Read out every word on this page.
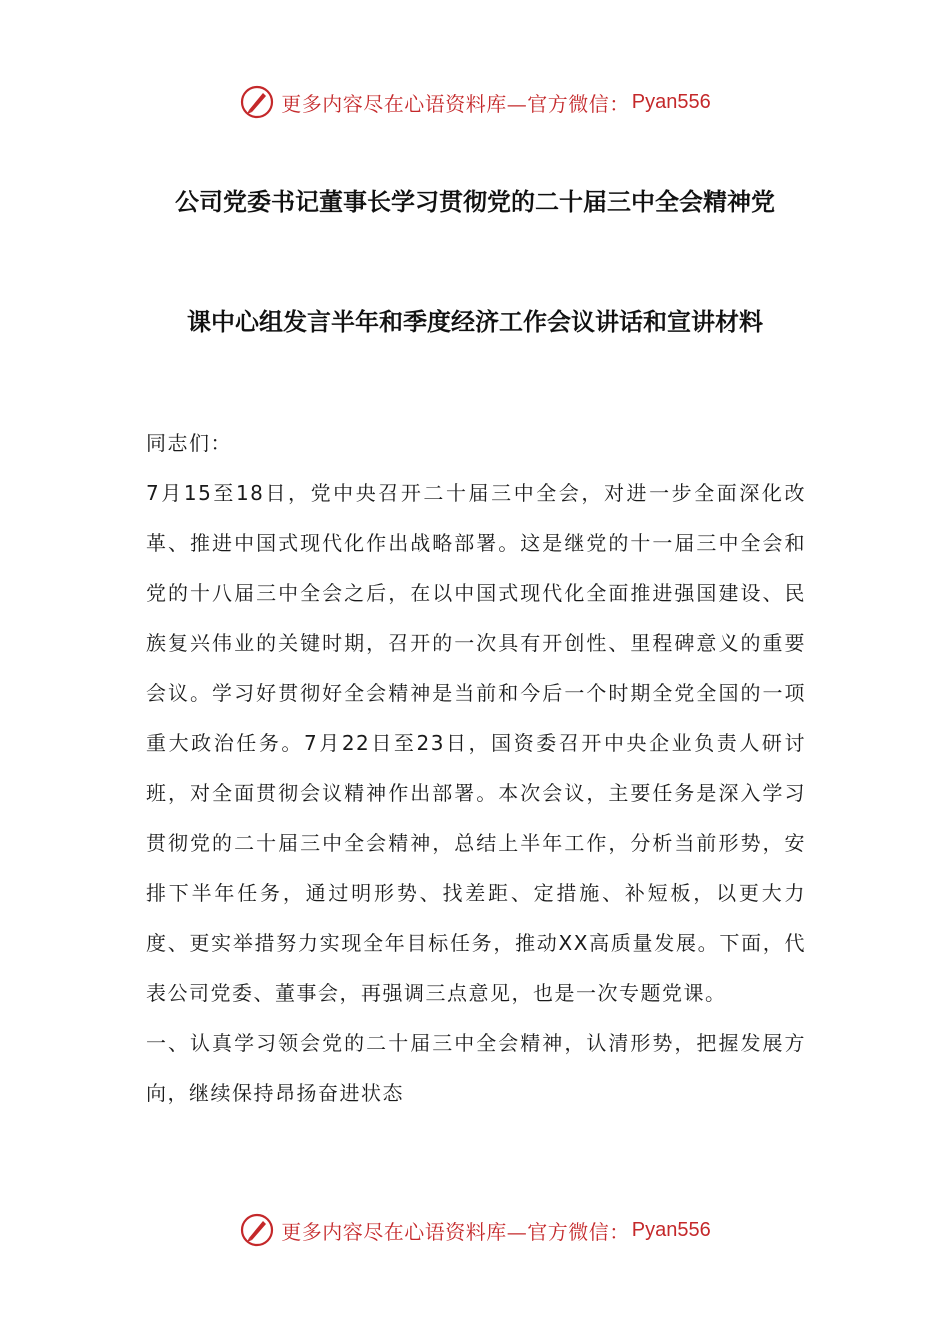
更多内容尽在心语资料库—官方微信： Pyan556
公司党委书记董事长学习贯彻党的二十届三中全会精神党
课中心组发言半年和季度经济工作会议讲话和宣讲材料

同志们：

7月15至18日，党中央召开二十届三中全会，对进一步全面深化改革、推进中国式现代化作出战略部署。这是继党的十一届三中全会和党的十八届三中全会之后，在以中国式现代化全面推进强国建设、民族复兴伟业的关键时期，召开的一次具有开创性、里程碑意义的重要会议。学习好贯彻好全会精神是当前和今后一个时期全党全国的一项重大政治任务。7月22日至23日，国资委召开中央企业负责人研讨班，对全面贯彻会议精神作出部署。本次会议，主要任务是深入学习贯彻党的二十届三中全会精神，总结上半年工作，分析当前形势，安排下半年任务，通过明形势、找差距、定措施、补短板，以更大力度、更实举措努力实现全年目标任务，推动XX高质量发展。下面，代表公司党委、董事会，再强调三点意见，也是一次专题党课。

一、认真学习领会党的二十届三中全会精神，认清形势，把握发展方向，继续保持昂扬奋进状态

更多内容尽在心语资料库—官方微信： Pyan556
